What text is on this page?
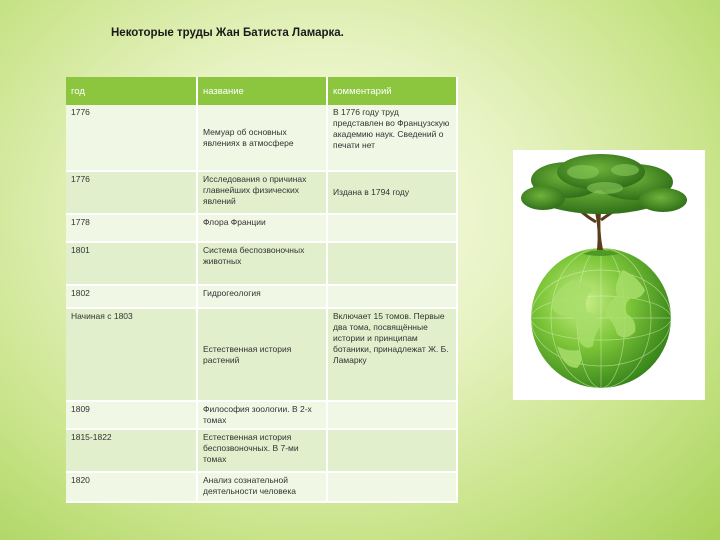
Некоторые труды Жан Батиста Ламарка.
год	название	комментарий
1776	Мемуар об основных явлениях в атмосфере	В 1776 году труд представлен во Французскую академию наук. Сведений о печати нет
1776	Исследования о причинах главнейших физических явлений	Издана в 1794 году
1778	Флора Франции	
1801	Система беспозвоночных животных	
1802	Гидрогеология	
Начиная с 1803	Естественная история растений	Включает 15 томов. Первые два тома, посвящённые истории и принципам ботаники, принадлежат Ж. Б. Ламарку
1809	Философия зоологии. В 2-х томах	
1815-1822	Естественная история беспозвоночных. В 7-ми томах	
1820	Анализ сознательной деятельности человека	
